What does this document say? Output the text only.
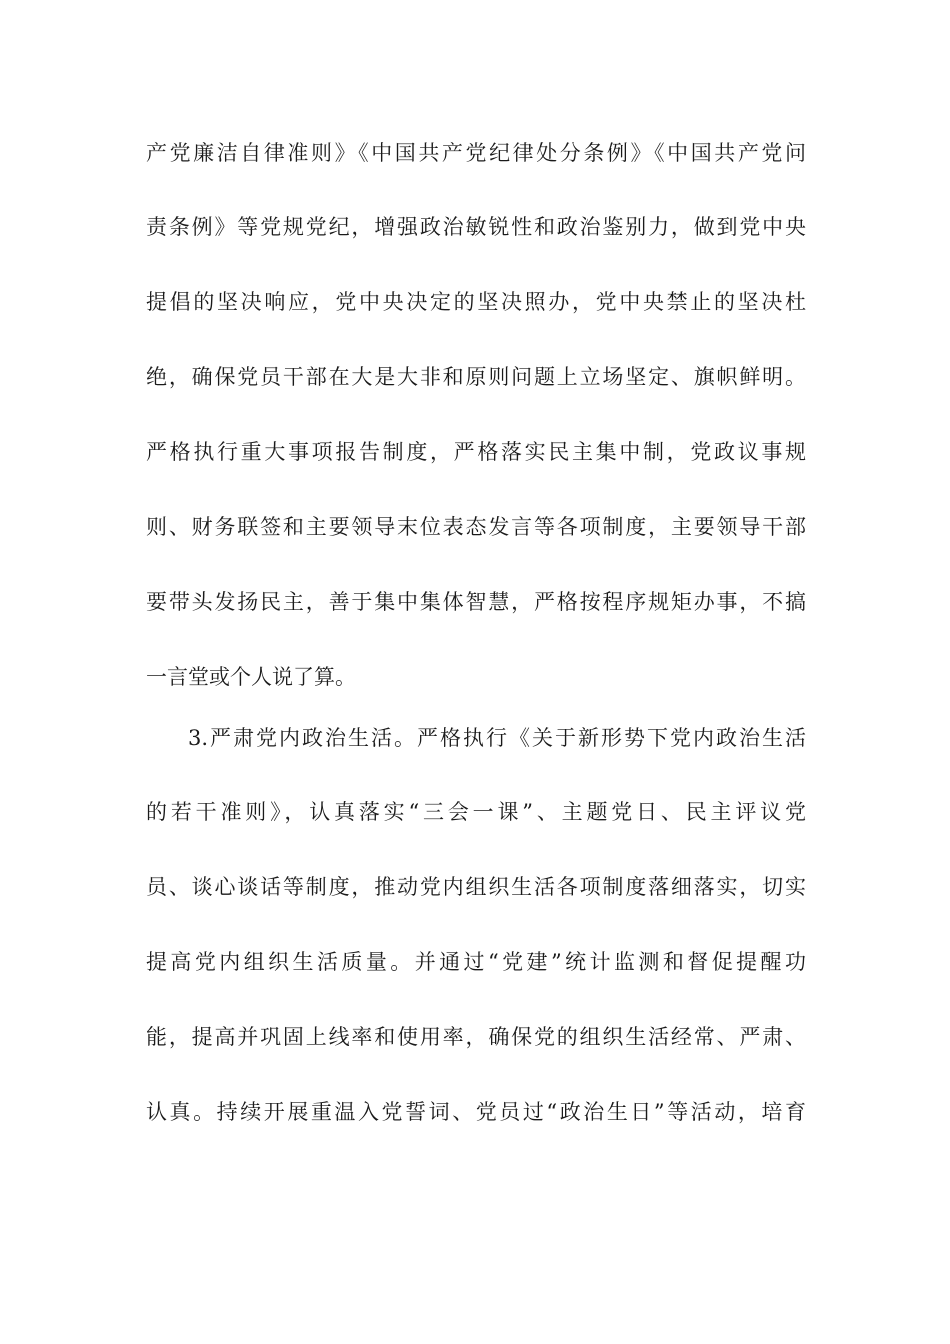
产党廉洁自律准则》《中国共产党纪律处分条例》《中国共产党问
责条例》等党规党纪，增强政治敏锐性和政治鉴别力，做到党中央
提倡的坚决响应，党中央决定的坚决照办，党中央禁止的坚决杜
绝，确保党员干部在大是大非和原则问题上立场坚定、旗帜鲜明。
严格执行重大事项报告制度，严格落实民主集中制，党政议事规
则、财务联签和主要领导末位表态发言等各项制度，主要领导干部
要带头发扬民主，善于集中集体智慧，严格按程序规矩办事，不搞
一言堂或个人说了算。
3.严肃党内政治生活。严格执行《关于新形势下党内政治生活
的若干准则》，认真落实“三会一课”、主题党日、民主评议党
员、谈心谈话等制度，推动党内组织生活各项制度落细落实，切实
提高党内组织生活质量。并通过“党建”统计监测和督促提醒功
能，提高并巩固上线率和使用率，确保党的组织生活经常、严肃、
认真。持续开展重温入党誓词、党员过“政治生日”等活动，培育
